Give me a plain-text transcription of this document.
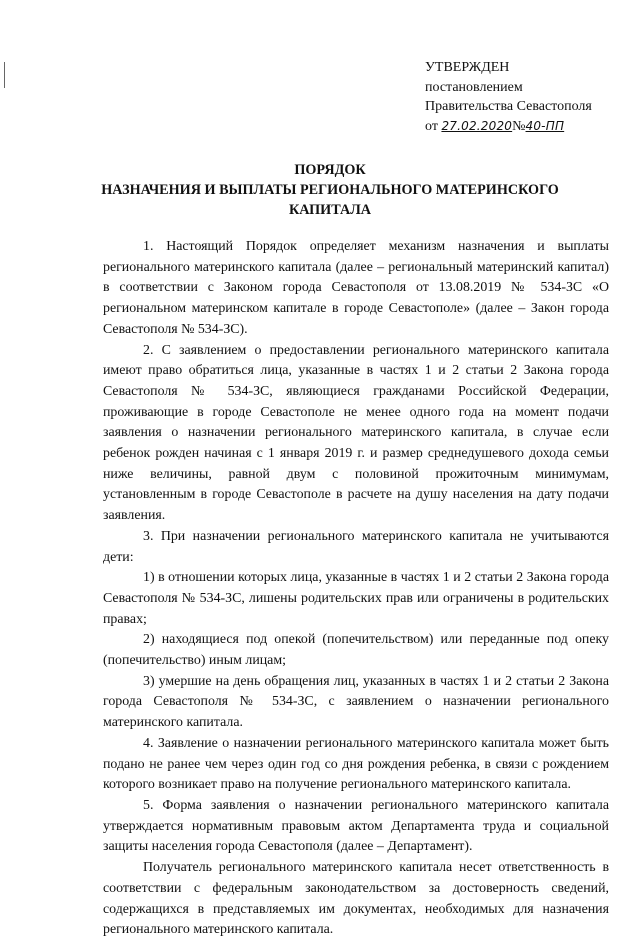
УТВЕРЖДЕН
постановлением
Правительства Севастополя
от 27.02.2020№40-ПП
ПОРЯДОК
НАЗНАЧЕНИЯ И ВЫПЛАТЫ РЕГИОНАЛЬНОГО МАТЕРИНСКОГО
КАПИТАЛА

1. Настоящий Порядок определяет механизм назначения и выплаты регионального материнского капитала (далее – региональный материнский капитал) в соответствии с Законом города Севастополя от 13.08.2019 № 534-ЗС «О региональном материнском капитале в городе Севастополе» (далее – Закон города Севастополя № 534-ЗС).

2. С заявлением о предоставлении регионального материнского капитала имеют право обратиться лица, указанные в частях 1 и 2 статьи 2 Закона города Севастополя № 534-ЗС, являющиеся гражданами Российской Федерации, проживающие в городе Севастополе не менее одного года на момент подачи заявления о назначении регионального материнского капитала, в случае если ребенок рожден начиная с 1 января 2019 г. и размер среднедушевого дохода семьи ниже величины, равной двум с половиной прожиточным минимумам, установленным в городе Севастополе в расчете на душу населения на дату подачи заявления.

3. При назначении регионального материнского капитала не учитываются дети:

1) в отношении которых лица, указанные в частях 1 и 2 статьи 2 Закона города Севастополя № 534-ЗС, лишены родительских прав или ограничены в родительских правах;

2) находящиеся под опекой (попечительством) или переданные под опеку (попечительство) иным лицам;

3) умершие на день обращения лиц, указанных в частях 1 и 2 статьи 2 Закона города Севастополя № 534-ЗС, с заявлением о назначении регионального материнского капитала.

4. Заявление о назначении регионального материнского капитала может быть подано не ранее чем через один год со дня рождения ребенка, в связи с рождением которого возникает право на получение регионального материнского капитала.

5. Форма заявления о назначении регионального материнского капитала утверждается нормативным правовым актом Департамента труда и социальной защиты населения города Севастополя (далее – Департамент).

Получатель регионального материнского капитала несет ответственность в соответствии с федеральным законодательством за достоверность сведений, содержащихся в представляемых им документах, необходимых для назначения регионального материнского капитала.
